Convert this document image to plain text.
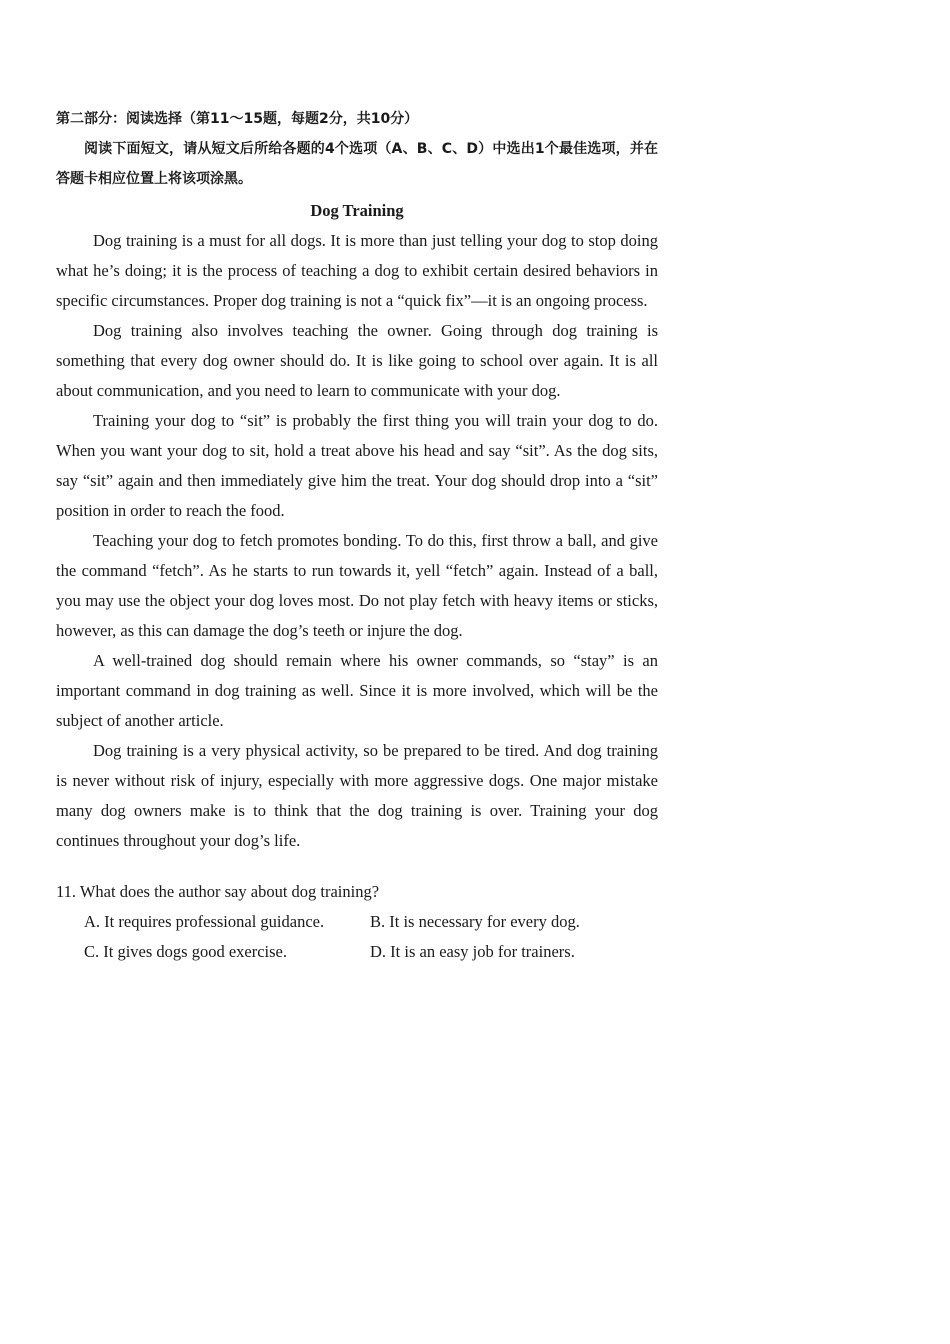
第二部分：阅读选择（第11～15题，每题2分，共10分）

阅读下面短文，请从短文后所给各题的4个选项（A、B、C、D）中选出1个最佳选项，并在答题卡相应位置上将该项涂黑。

Dog Training

Dog training is a must for all dogs. It is more than just telling your dog to stop doing what he’s doing; it is the process of teaching a dog to exhibit certain desired behaviors in specific circumstances. Proper dog training is not a “quick fix”—it is an ongoing process.

Dog training also involves teaching the owner. Going through dog training is something that every dog owner should do. It is like going to school over again. It is all about communication, and you need to learn to communicate with your dog.

Training your dog to “sit” is probably the first thing you will train your dog to do. When you want your dog to sit, hold a treat above his head and say “sit”. As the dog sits, say “sit” again and then immediately give him the treat. Your dog should drop into a “sit” position in order to reach the food.

Teaching your dog to fetch promotes bonding. To do this, first throw a ball, and give the command “fetch”. As he starts to run towards it, yell “fetch” again. Instead of a ball, you may use the object your dog loves most. Do not play fetch with heavy items or sticks, however, as this can damage the dog’s teeth or injure the dog.

A well-trained dog should remain where his owner commands, so “stay” is an important command in dog training as well. Since it is more involved, which will be the subject of another article.

Dog training is a very physical activity, so be prepared to be tired. And dog training is never without risk of injury, especially with more aggressive dogs. One major mistake many dog owners make is to think that the dog training is over. Training your dog continues throughout your dog’s life.

11. What does the author say about dog training?

A. It requires professional guidance.	B. It is necessary for every dog.
C. It gives dogs good exercise.	D. It is an easy job for trainers.
